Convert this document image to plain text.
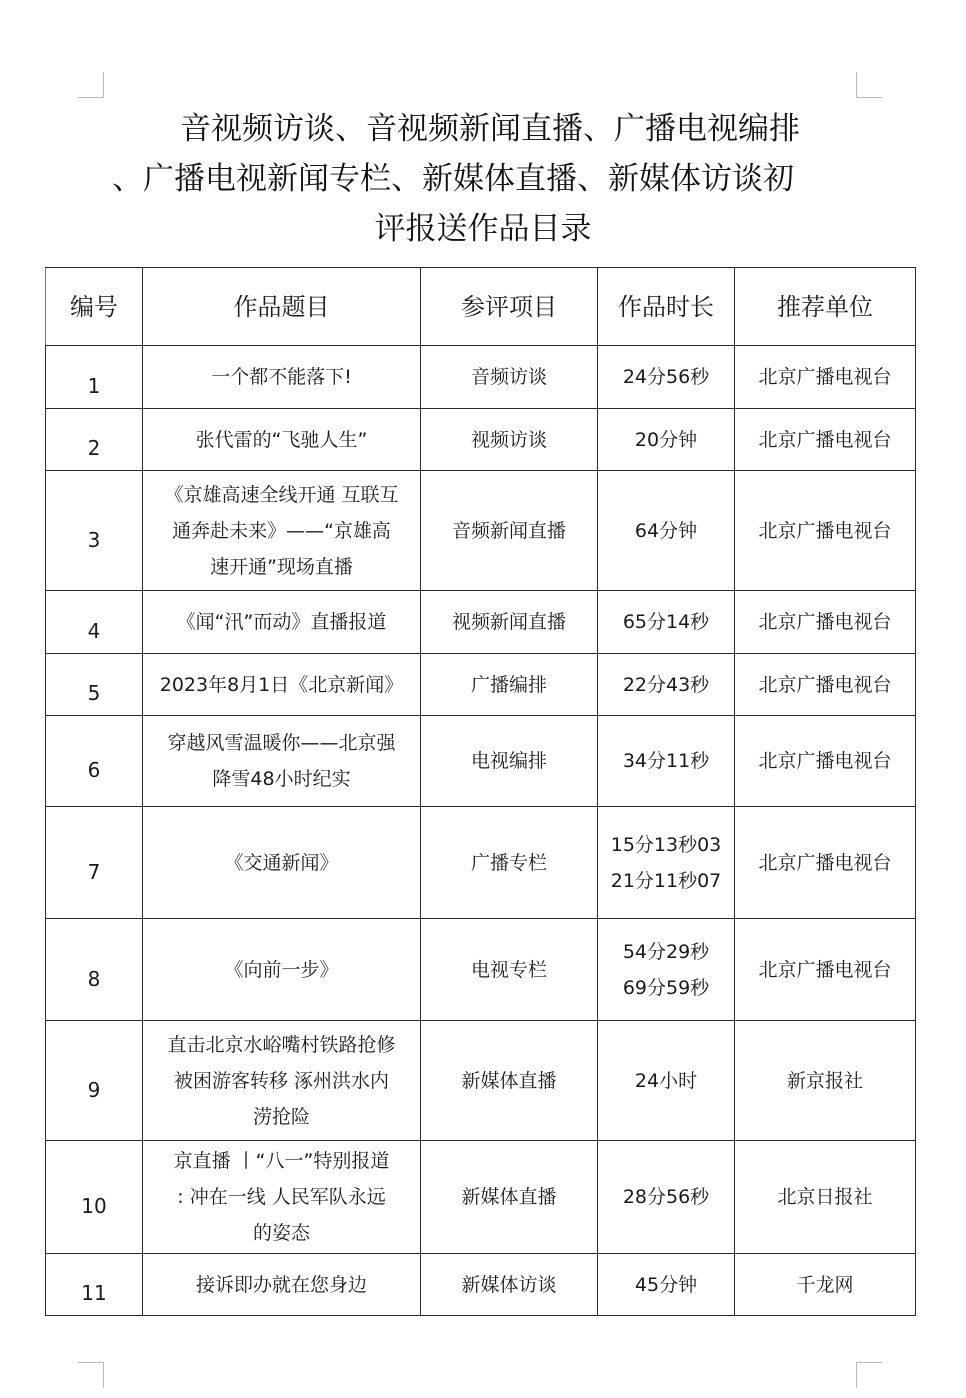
音视频访谈、音视频新闻直播、广播电视编排
、广播电视新闻专栏、新媒体直播、新媒体访谈初
评报送作品目录
编号	作品题目	参评项目	作品时长	推荐单位
1	一个都不能落下!	音频访谈	24分56秒	北京广播电视台
2	张代雷的“飞驰人生”	视频访谈	20分钟	北京广播电视台
3	《京雄高速全线开通 互联互
通奔赴未来》——“京雄高
速开通”现场直播	音频新闻直播	64分钟	北京广播电视台
4	《闻“汛”而动》直播报道	视频新闻直播	65分14秒	北京广播电视台
5	2023年8月1日《北京新闻》	广播编排	22分43秒	北京广播电视台
6	穿越风雪温暖你——北京强
降雪48小时纪实	电视编排	34分11秒	北京广播电视台
7	《交通新闻》	广播专栏	15分13秒03
21分11秒07	北京广播电视台
8	《向前一步》	电视专栏	54分29秒
69分59秒	北京广播电视台
9	直击北京水峪嘴村铁路抢修
被困游客转移 涿州洪水内
涝抢险	新媒体直播	24小时	新京报社
10	京直播 丨“八一”特别报道
: 冲在一线 人民军队永远
的姿态	新媒体直播	28分56秒	北京日报社
11	接诉即办就在您身边	新媒体访谈	45分钟	千龙网
